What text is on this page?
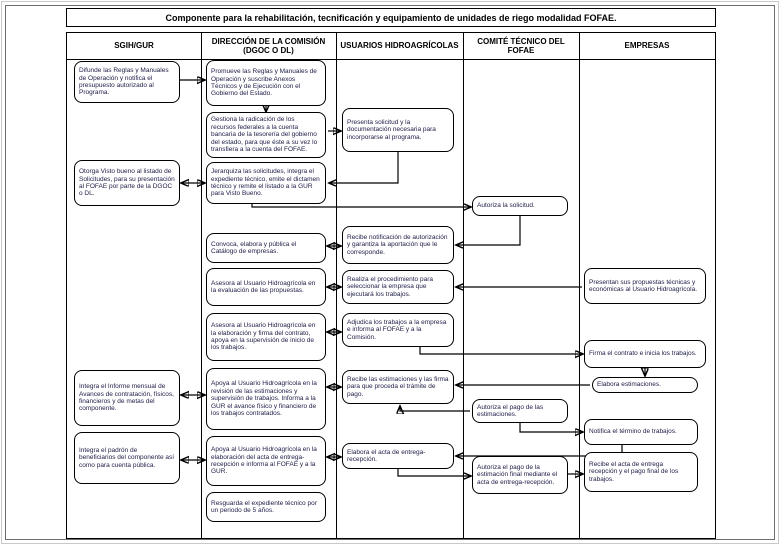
Componente para la rehabilitación, tecnificación y equipamiento de unidades de riego modalidad FOFAE.
SGIH/GUR
DIRECCIÓN DE LA COMISIÓN (DGOC O DL)
USUARIOS HIDROAGRÍCOLAS
COMITÉ TÉCNICO DEL FOFAE
EMPRESAS
Difunde las Reglas y Manuales de Operación y notifica el presupuesto autorizado al Programa.
Otorga Visto bueno al listado de Solicitudes, para su presentación al FOFAE por parte de la DGOC o DL.
Integra el Informe mensual de Avances de contratación, físicos, financieros y de metas del componente.
Integra el padrón de beneficiarios del componente así como para cuenta pública.
Promueve las Reglas y Manuales de Operación y suscribe Anexos Técnicos y de Ejecución con el Gobierno del Estado.
Gestiona la radicación de los recursos federales a la cuenta bancaria de la tesorería del gobierno del estado, para que éste a su vez lo transfiera a la cuenta del FOFAE.
Jerarquiza las solicitudes, integra el expediente técnico, emite el dictamen técnico y remite el listado a la GUR para Visto Bueno.
Convoca, elabora y pública el Catálogo de empresas.
Asesora al Usuario Hidroagrícola en la evaluación de las propuestas.
Asesora al Usuario Hidroagrícola en la elaboración y firma del contrato, apoya en la supervisión de inicio de los trabajos.
Apoya al Usuario Hidroagrícola en la revisión de las estimaciones y supervisión de trabajos. Informa a la GUR el avance físico y financiero de los trabajos contratados.
Apoya al Usuario Hidroagrícola en la elaboración del acta de entrega-recepción e informa al FOFAE y a la GUR.
Resguarda el expediente técnico por un periodo de 5 años.
Presenta solicitud y la documentación necesaria para incorporarse al programa.
Recibe notificación de autorización y garantiza la aportación que le corresponde.
Realiza el procedimiento para seleccionar la empresa que ejecutará los trabajos.
Adjudica los trabajos a la empresa e informa al FOFAE y a la Comisión.
Recibe las estimaciones y las firma para que proceda el trámite de pago.
Elabora el acta de entrega-recepción.
Autoriza la solicitud.
Autoriza el pago de las estimaciones.
Autoriza el pago de la estimación final mediante el acta de entrega-recepción.
Presentan sus propuestas técnicas y económicas al Usuario Hidroagrícola.
Firma el contrato e inicia los trabajos.
Elabora estimaciones.
Notifica el término de trabajos.
Recibe el acta de entrega recepción y el pago final de los trabajos.
